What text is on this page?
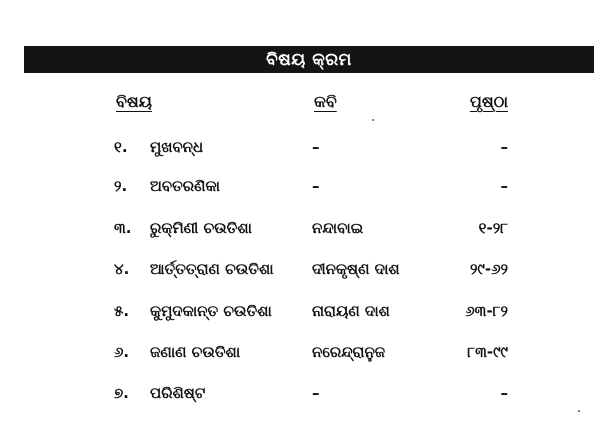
ବିଷୟ କ୍ରମ
ବିଷୟ	କବି	ପୃଷ୍ଠା
୧. ମୁଖବନ୍ଧ	–	–
୨. ଅବତରଣିକା	–	–
୩. ରୁକ୍ମିଣୀ ଚଉତିଶା	ନନ୍ଦାବାଇ	୧-୨୮
୪. ଆର୍ତ୍ତତ୍ରାଣ ଚଉତିଶା	ଦୀନକୃଷ୍ଣ ଦାଶ	୨୯-୬୨
୫. କୁମୁଦକାନ୍ତ ଚଉତିଶା	ନାରାୟଣ ଦାଶ	୬୩-୮୨
୬. ଜଣାଣ ଚଉତିଶା	ନରେନ୍ଦ୍ରାନୁଜ	୮୩-୯୯
୭. ପରିଶିଷ୍ଟ	–	–
